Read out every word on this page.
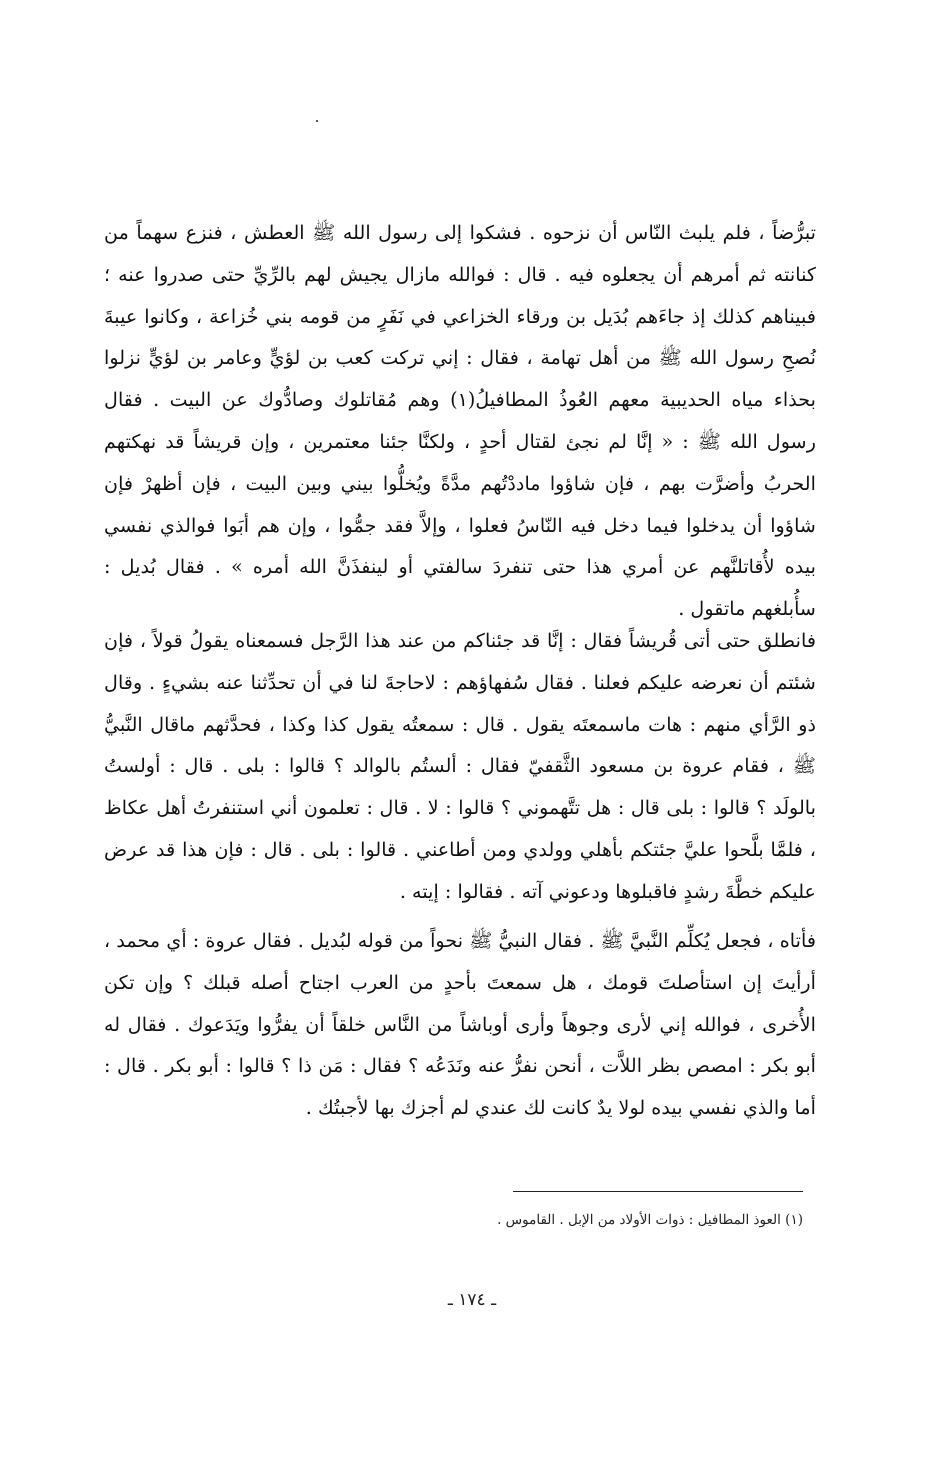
تبرُّضاً ، فلم يلبث النّاس أن نزحوه . فشكوا إلى رسول الله ﷺ العطش ، فنزع سهماً من كنانته ثم أمرهم أن يجعلوه فيه . قال : فوالله مازال يجيش لهم بالرِّيِّ حتى صدروا عنه ؛ فبيناهم كذلك إذ جاءَهم بُدَيل بن ورقاء الخزاعي في نَفَرٍ من قومه بني خُزاعة ، وكانوا عيبةَ نُصحِ رسول الله ﷺ من أهل تهامة ، فقال : إني تركت كعب بن لؤيٍّ وعامر بن لؤيٍّ نزلوا بحذاء مياه الحديبية معهم العُوذُ المطافيلُ(١) وهم مُقاتلوك وصادُّوك عن البيت . فقال رسول الله ﷺ : « إنَّا لم نجئ لقتال أحدٍ ، ولكنَّا جئنا معتمرين ، وإن قريشاً قد نهكتهم الحربُ وأضرَّت بهم ، فإن شاؤوا ماددْتُهم مدَّةً ويُخلُّوا بيني وبين البيت ، فإن أظهرْ فإن شاؤوا أن يدخلوا فيما دخل فيه النّاسُ فعلوا ، وإلاَّ فقد جمُّوا ، وإن هم أبَوا فوالذي نفسي بيده لأُقاتلنَّهم عن أمري هذا حتى تنفردَ سالفتي أو لينفذَنَّ الله أمره » . فقال بُديل : سأُبلغهم ماتقول .

فانطلق حتى أتى قُريشاً فقال : إنَّا قد جئناكم من عند هذا الرَّجل فسمعناه يقولُ قولاً ، فإن شئتم أن نعرضه عليكم فعلنا . فقال سُفهاؤهم : لاحاجةَ لنا في أن تحدِّثنا عنه بشيءٍ . وقال ذو الرَّأي منهم : هات ماسمعتَه يقول . قال : سمعتُه يقول كذا وكذا ، فحدَّثهم ماقال النَّبيُّ ﷺ ، فقام عروة بن مسعود الثَّقفيّ فقال : ألستُم بالوالد ؟ قالوا : بلى . قال : أولستُ بالولَد ؟ قالوا : بلى قال : هل تتَّهموني ؟ قالوا : لا . قال : تعلمون أني استنفرتُ أهل عكاظ ، فلمَّا بلَّحوا عليَّ جئتكم بأهلي وولدي ومن أطاعني . قالوا : بلى . قال : فإن هذا قد عرض عليكم خطَّةَ رشدٍ فاقبلوها ودعوني آته . فقالوا : إيته .

فأتاه ، فجعل يُكلِّم النَّبيَّ ﷺ . فقال النبيُّ ﷺ نحواً من قوله لبُديل . فقال عروة : أي محمد ، أرأيتَ إن استأصلتَ قومك ، هل سمعتَ بأحدٍ من العرب اجتاح أصله قبلك ؟ وإن تكن الأُخرى ، فوالله إني لأرى وجوهاً وأرى أوباشاً من النَّاس خلقاً أن يفرُّوا ويَدَعوك . فقال له أبو بكر : امصص بظر اللاَّت ، أنحن نفرُّ عنه ونَدَعُه ؟ فقال : مَن ذا ؟ قالوا : أبو بكر . قال : أما والذي نفسي بيده لولا يدٌ كانت لك عندي لم أجزك بها لأجبتُك .

(١) العوذ المطافيل : ذوات الأولاد من الإبل . القاموس .
ـ ١٧٤ ـ
